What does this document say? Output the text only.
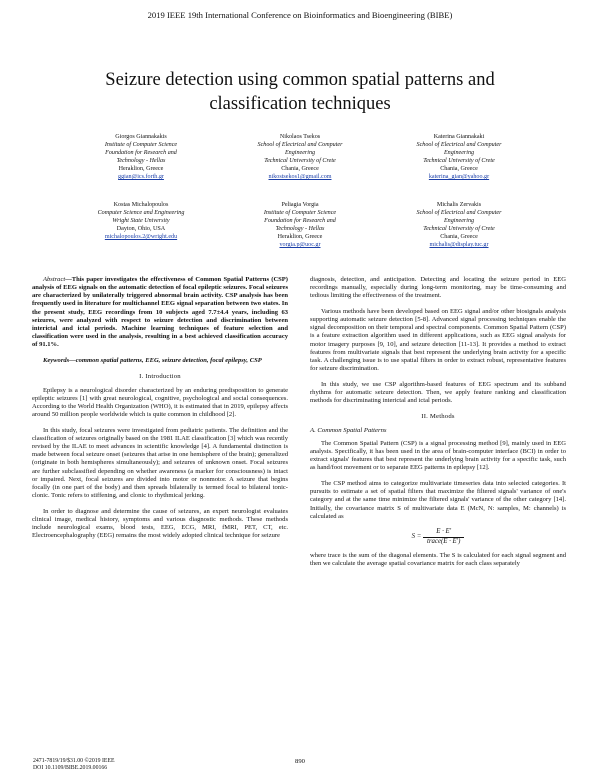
2019 IEEE 19th International Conference on Bioinformatics and Bioengineering (BIBE)
Seizure detection using common spatial patterns and classification techniques
Giorgos Giannakakis
Institute of Computer Science
Foundation for Research and
Technology - Hellas
Heraklion, Greece
ggian@ics.forth.gr
Nikolaos Tsekos
School of Electrical and Computer
Engineering
Technical University of Crete
Chania, Greece
nikostsekos1@gmail.com
Katerina Giannakaki
School of Electrical and Computer
Engineering
Technical University of Crete
Chania, Greece
katerina_gian@yahoo.gr
Kostas Michalopoulos
Computer Science and Engineering
Wright State University
Dayton, Ohio, USA
michalopoulos.2@wright.edu
Peliagia Vorgia
Institute of Computer Science
Foundation for Research and
Technology - Hellas
Heraklion, Greece
vorgia.p@uoc.gr
Michalis Zervakis
School of Electrical and Computer
Engineering
Technical University of Crete
Chania, Greece
michalis@display.tuc.gr

Abstract—This paper investigates the effectiveness of Common Spatial Patterns (CSP) analysis of EEG signals on the automatic detection of focal epileptic seizures. Focal seizures are characterized by unilaterally triggered abnormal brain activity. CSP analysis has been frequently used in literature for multichannel EEG signal separation between two states. In the present study, EEG recordings from 10 subjects aged 7.7±4.4 years, including 63 seizures, were analyzed with respect to seizure detection and discrimination between interictal and ictal periods. Machine learning techniques of feature selection and classification were used in the analysis, resulting in a best achieved classification accuracy of 91.1%.

Keywords—common spatial patterns, EEG, seizure detection, focal epilepsy, CSP

I. Introduction

Epilepsy is a neurological disorder characterized by an enduring predisposition to generate epileptic seizures [1] with great neurological, cognitive, psychological and social consequences. According to the World Health Organization (WHO), it is estimated that in 2019, epilepsy affects around 50 million people worldwide which is quite common in childhood [2].

In this study, focal seizures were investigated from pediatric patients. The definition and the classification of seizures originally based on the 1981 ILAE classification [3] which was recently revised by the ILAE to meet advances in scientific knowledge [4]. A fundamental distinction is made between focal seizure onset (seizures that arise in one hemisphere of the brain); generalized (originate in both hemispheres simultaneously); and seizures of unknown onset. Focal seizures are further subclassified depending on whether awareness (a marker for consciousness) is intact or impaired. Next, focal seizures are divided into motor or nonmotor. A seizure that begins focally (in one part of the body) and then spreads bilaterally is termed focal to bilateral tonic-clonic. Tonic refers to stiffening, and clonic to rhythmical jerking.

In order to diagnose and determine the cause of seizures, an expert neurologist evaluates clinical image, medical history, symptoms and various diagnostic methods. These methods include neurological exams, blood tests, EEG, ECG, MRI, fMRI, PET, CT, etc. Electroencephalography (EEG) remains the most widely adopted clinical technique for seizure

diagnosis, detection, and anticipation. Detecting and locating the seizure period in EEG recordings manually, especially during long-term monitoring, may be time-consuming and tedious limiting the effectiveness of the treatment.

Various methods have been developed based on EEG signal and/or other biosignals analysis supporting automatic seizure detection [5-8]. Advanced signal processing techniques enable the signal decomposition on their temporal and spectral components. Common Spatial Pattern (CSP) is a feature extraction algorithm used in different applications, such as EEG signal analysis for motor imagery purposes [9, 10], and seizure detection [11-13]. It provides a method to extract features from multivariate signals that best represent the underlying brain activity for a specific task. A challenging issue is to use spatial filters in order to extract robust, representative features for seizure discrimination.

In this study, we use CSP algorithm-based features of EEG spectrum and its subband rhythms for automatic seizure detection. Then, we apply feature ranking and classification methods for discriminating interictal and ictal periods.

II. Methods
A. Common Spatial Patterns

The Common Spatial Pattern (CSP) is a signal processing method [9], mainly used in EEG analysis. Specifically, it has been used in the area of brain-computer interface (BCI) in order to extract signals' features that best represent the underlying brain activity for a specific task, such as hand/foot movement or to separate EEG patterns in epilepsy [12].

The CSP method aims to categorize multivariate timeseries data into selected categories. It pursuits to estimate a set of spatial filters that maximize the filtered signals' variance of one's category and at the same time minimize the filtered signals' variance of the other category [14]. Initially, the covariance matrix S of multivariate data E (McN, N: samples, M: channels) is calculated as

$S = \frac{E \cdot E'}{\text{trace(E · E′)}}$

where trace is the sum of the diagonal elements. The S is calculated for each signal segment and then we calculate the average spatial covariance matrix for each class separately

2471-7819/19/$31.00 ©2019 IEEE
DOI 10.1109/BIBE.2019.00166
890
